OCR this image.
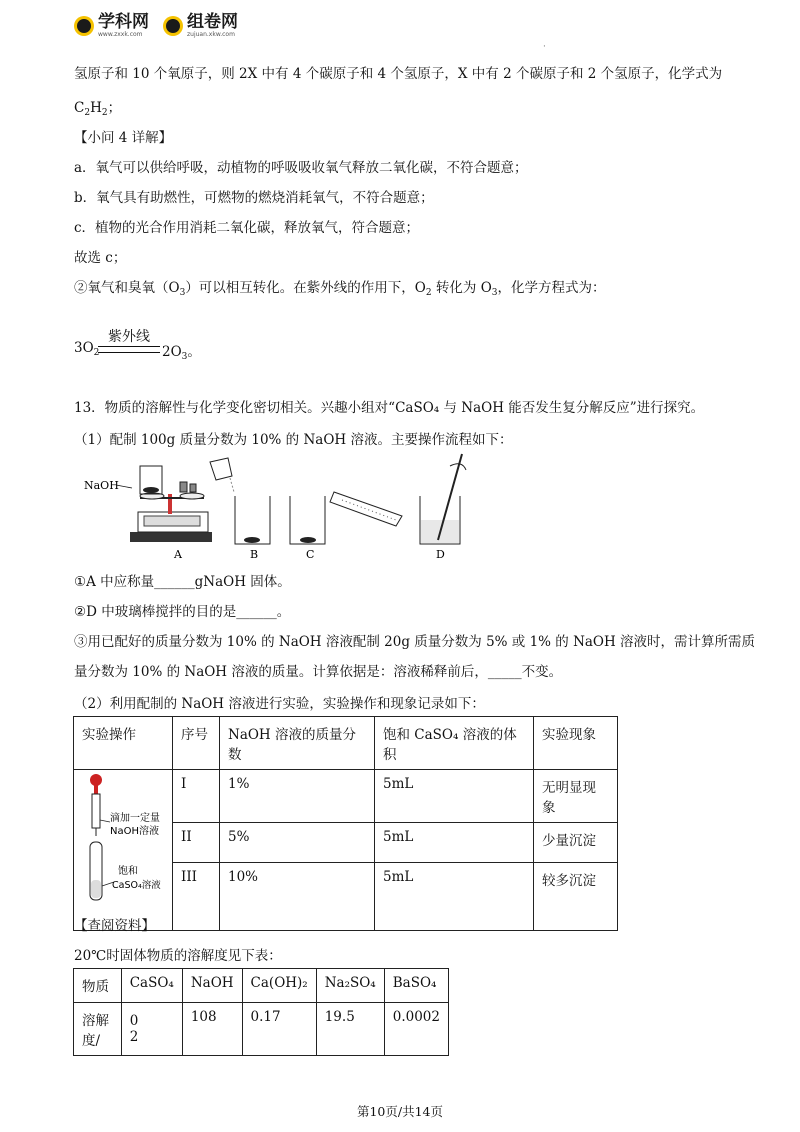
学科网
www.zxxk.com
组卷网
zujuan.xkw.com
·
氢原子和 10 个氧原子，则 2X 中有 4 个碳原子和 4 个氢原子，X 中有 2 个碳原子和 2 个氢原子，化学式为
$C_2H_2$；
【小问 4 详解】
a．氧气可以供给呼吸，动植物的呼吸吸收氧气释放二氧化碳，不符合题意；
b．氧气具有助燃性，可燃物的燃烧消耗氧气，不符合题意；
c．植物的光合作用消耗二氧化碳，释放氧气，符合题意；
故选 c；
②氧气和臭氧$(O_3)$可以相互转化。在紫外线的作用下，$O_2$ 转化为 $O_3$，化学方程式为：
紫外线
$3O_2$	$2O_3$。
13．物质的溶解性与化学变化密切相关。兴趣小组对“CaSO₄ 与 NaOH 能否发生复分解反应”进行探究。
（1）配制 100g 质量分数为 10% 的 NaOH 溶液。主要操作流程如下：
NaOH
A	B	C	D
①A 中应称量______gNaOH 固体。
②D 中玻璃棒搅拌的目的是______。
③用已配好的质量分数为 10% 的 NaOH 溶液配制 20g 质量分数为 5% 或 1% 的 NaOH 溶液时，需计算所需质
量分数为 10% 的 NaOH 溶液的质量。计算依据是：溶液稀释前后，_____不变。
（2）利用配制的 NaOH 溶液进行实验，实验操作和现象记录如下：
实验操作	序号	NaOH 溶液的质量分数	饱和 CaSO₄ 溶液的体积	实验现象

滴加一定量
NaOH溶液
饱和
CaSO₄溶液	I	1%	5mL	无明显现象
	II	5%	5mL	少量沉淀
	III	10%	5mL	较多沉淀
【查阅资料】
20℃时固体物质的溶解度见下表：
物质	CaSO₄	NaOH	Ca(OH)₂	Na₂SO₄	BaSO₄
溶解度/	0　　2	108	0.17	19.5	0.0002
第10页/共14页
